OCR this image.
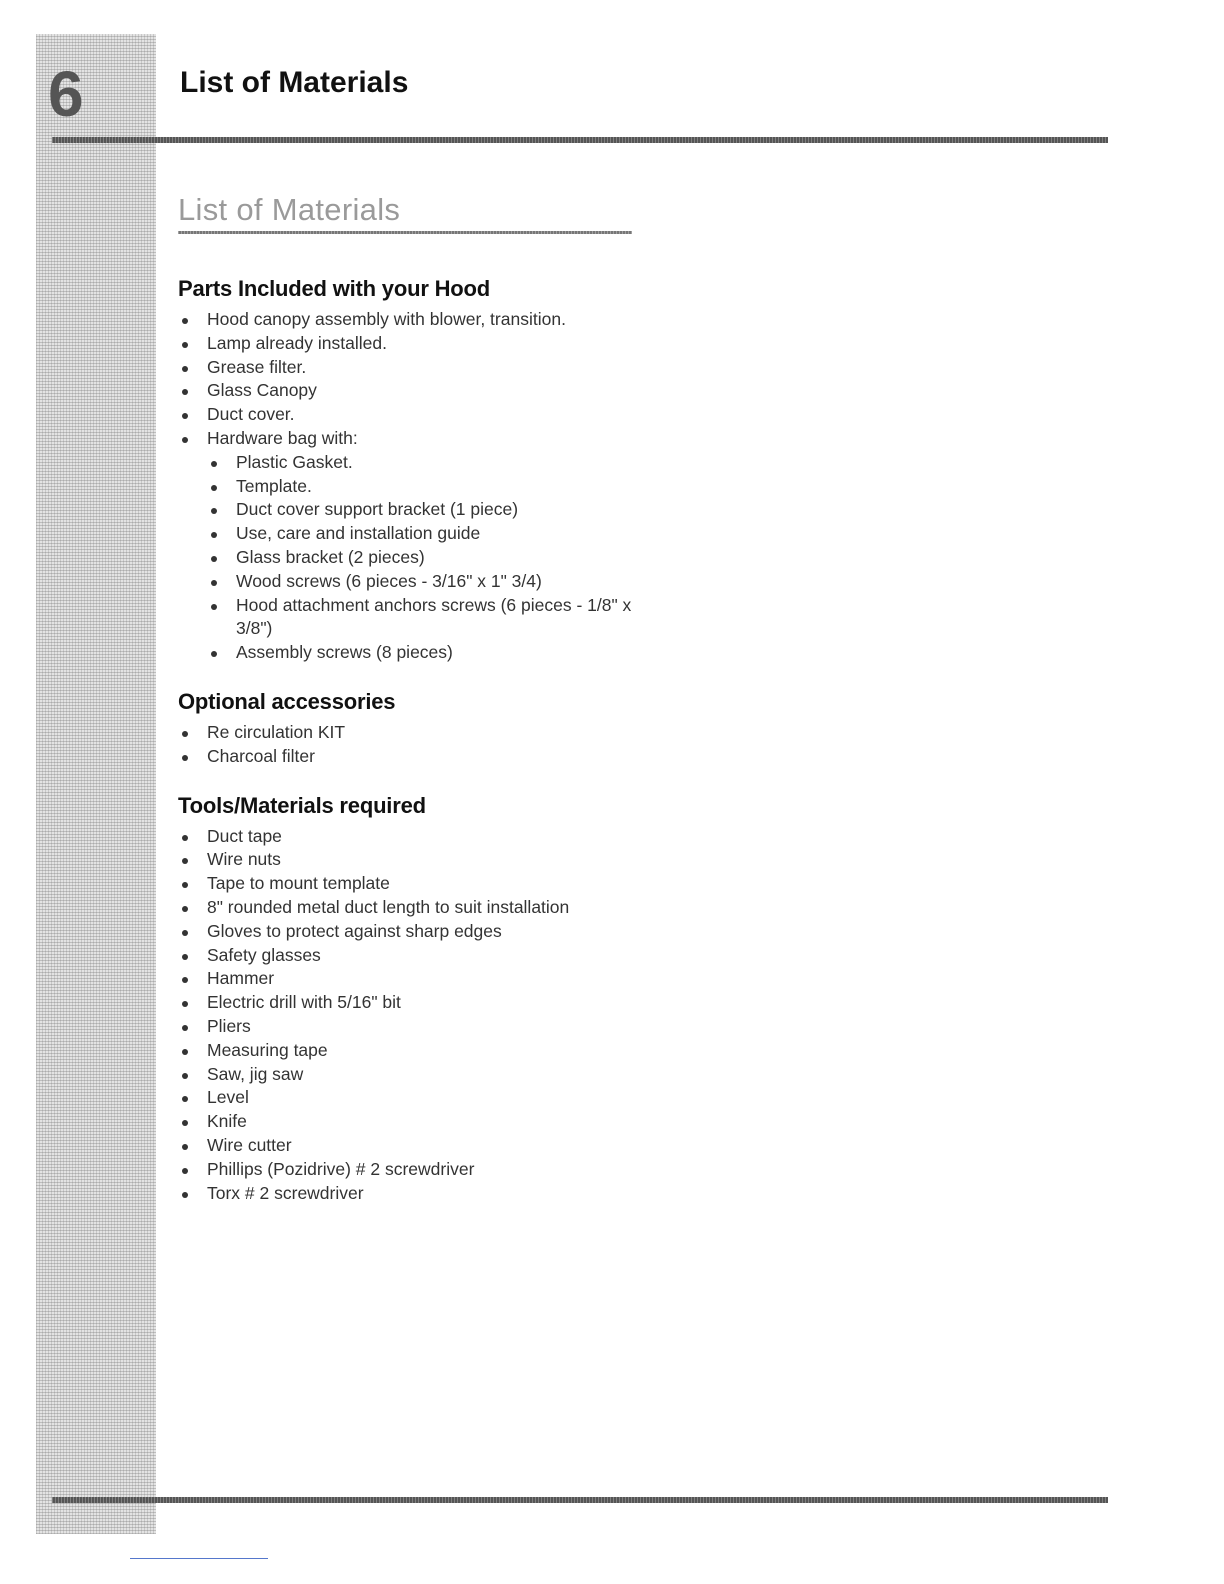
6	List of Materials
List of Materials
Parts Included with your Hood
Hood canopy assembly with blower, transition.
Lamp already installed.
Grease filter.
Glass Canopy
Duct cover.
Hardware bag with:
Plastic Gasket.
Template.
Duct cover support bracket (1 piece)
Use, care and installation guide
Glass bracket (2 pieces)
Wood screws (6 pieces - 3/16" x 1" 3/4)
Hood attachment anchors screws (6 pieces - 1/8" x 3/8")
Assembly screws (8 pieces)
Optional accessories
Re circulation KIT
Charcoal filter
Tools/Materials required
Duct tape
Wire nuts
Tape to mount template
8" rounded metal duct length to suit installation
Gloves to protect against sharp edges
Safety glasses
Hammer
Electric drill with 5/16" bit
Pliers
Measuring tape
Saw, jig saw
Level
Knife
Wire cutter
Phillips (Pozidrive) # 2 screwdriver
Torx # 2 screwdriver
